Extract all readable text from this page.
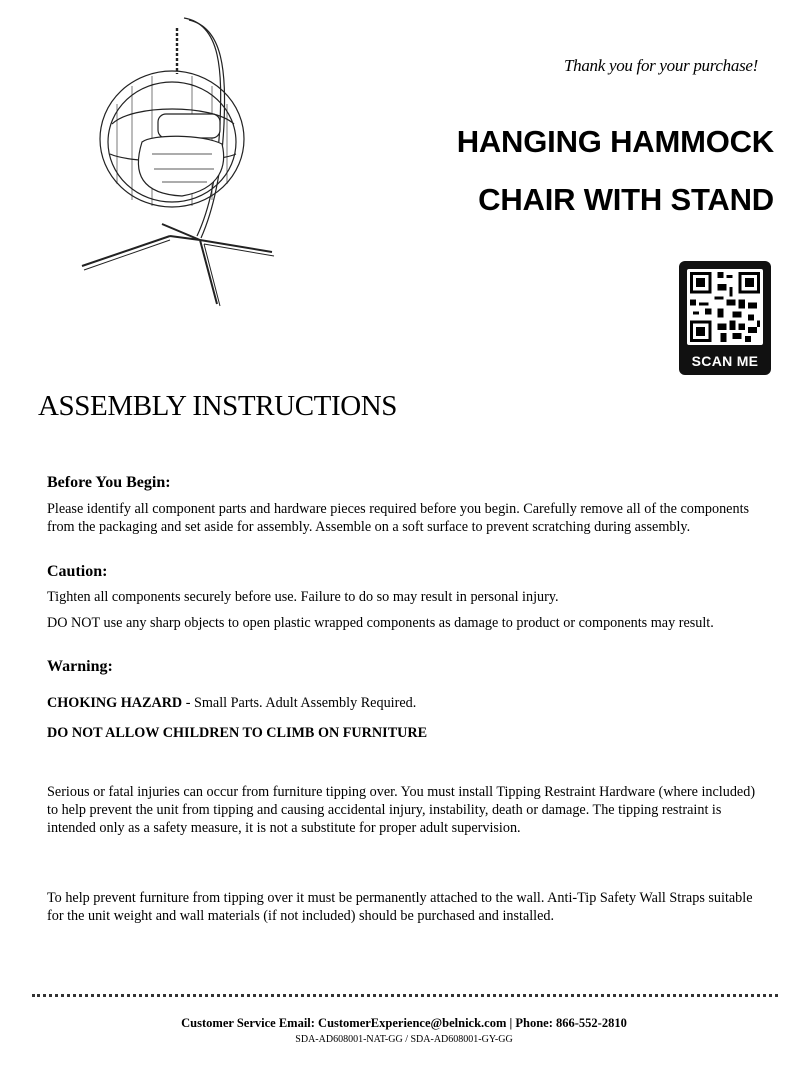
Thank you for your purchase!
HANGING HAMMOCK
CHAIR WITH STAND
SCAN ME
ASSEMBLY INSTRUCTIONS
Before You Begin:
Please identify all component parts and hardware pieces required before you begin. Carefully remove all of the components from the packaging and set aside for assembly. Assemble on a soft surface to prevent scratching during assembly.
Caution:
Tighten all components securely before use. Failure to do so may result in personal injury.
DO NOT use any sharp objects to open plastic wrapped components as damage to product or components may result.
Warning:
CHOKING HAZARD - Small Parts. Adult Assembly Required.
DO NOT ALLOW CHILDREN TO CLIMB ON FURNITURE
Serious or fatal injuries can occur from furniture tipping over. You must install Tipping Restraint Hardware (where included) to help prevent the unit from tipping and causing accidental injury, instability, death or damage. The tipping restraint is intended only as a safety measure, it is not a substitute for proper adult supervision.
To help prevent furniture from tipping over it must be permanently attached to the wall. Anti-Tip Safety Wall Straps suitable for the unit weight and wall materials (if not included) should be purchased and installed.
Customer Service Email: CustomerExperience@belnick.com | Phone: 866-552-2810
SDA-AD608001-NAT-GG / SDA-AD608001-GY-GG
